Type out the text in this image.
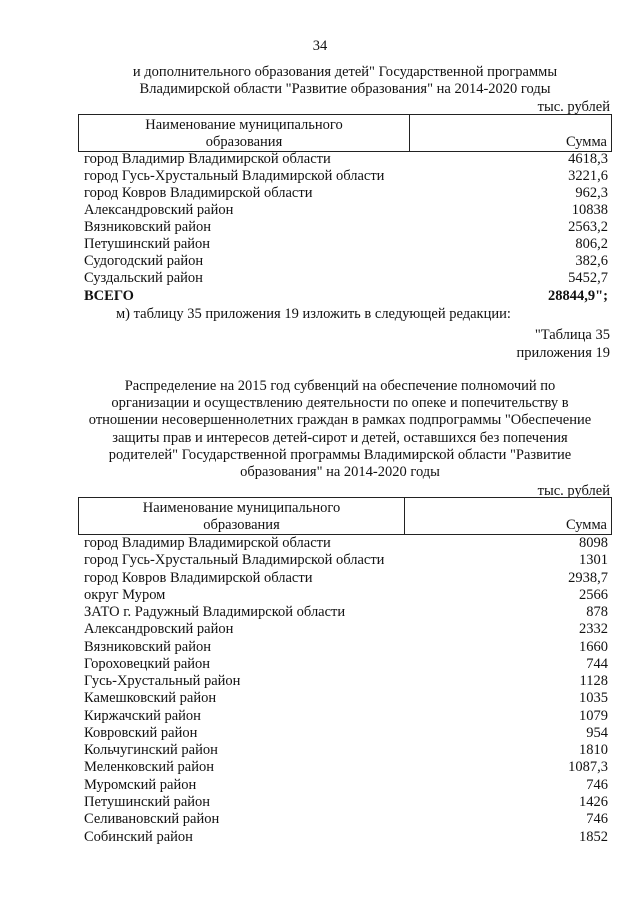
34
и дополнительного образования детей" Государственной программы
Владимирской области "Развитие образования" на 2014-2020 годы
тыс. рублей
Наименование муниципального
образования	Сумма
город Владимир Владимирской области	4618,3
город Гусь-Хрустальный Владимирской области	3221,6
город Ковров Владимирской области	962,3
Александровский район	10838
Вязниковский район	2563,2
Петушинский район	806,2
Судогодский район	382,6
Суздальский район	5452,7
ВСЕГО	28844,9";
м) таблицу 35 приложения 19 изложить в следующей редакции:
"Таблица 35
приложения 19
Распределение на 2015 год субвенций на обеспечение полномочий по
организации и осуществлению деятельности по опеке и попечительству в
отношении несовершеннолетних граждан в рамках подпрограммы "Обеспечение
защиты прав и интересов детей-сирот и детей, оставшихся без попечения
родителей" Государственной программы Владимирской области "Развитие
образования" на 2014-2020 годы
тыс. рублей
Наименование муниципального
образования	Сумма
город Владимир Владимирской области	8098
город Гусь-Хрустальный Владимирской области	1301
город Ковров Владимирской области	2938,7
округ Муром	2566
ЗАТО г. Радужный Владимирской области	878
Александровский район	2332
Вязниковский район	1660
Гороховецкий район	744
Гусь-Хрустальный район	1128
Камешковский район	1035
Киржачский район	1079
Ковровский район	954
Кольчугинский район	1810
Меленковский район	1087,3
Муромский район	746
Петушинский район	1426
Селивановский район	746
Собинский район	1852
